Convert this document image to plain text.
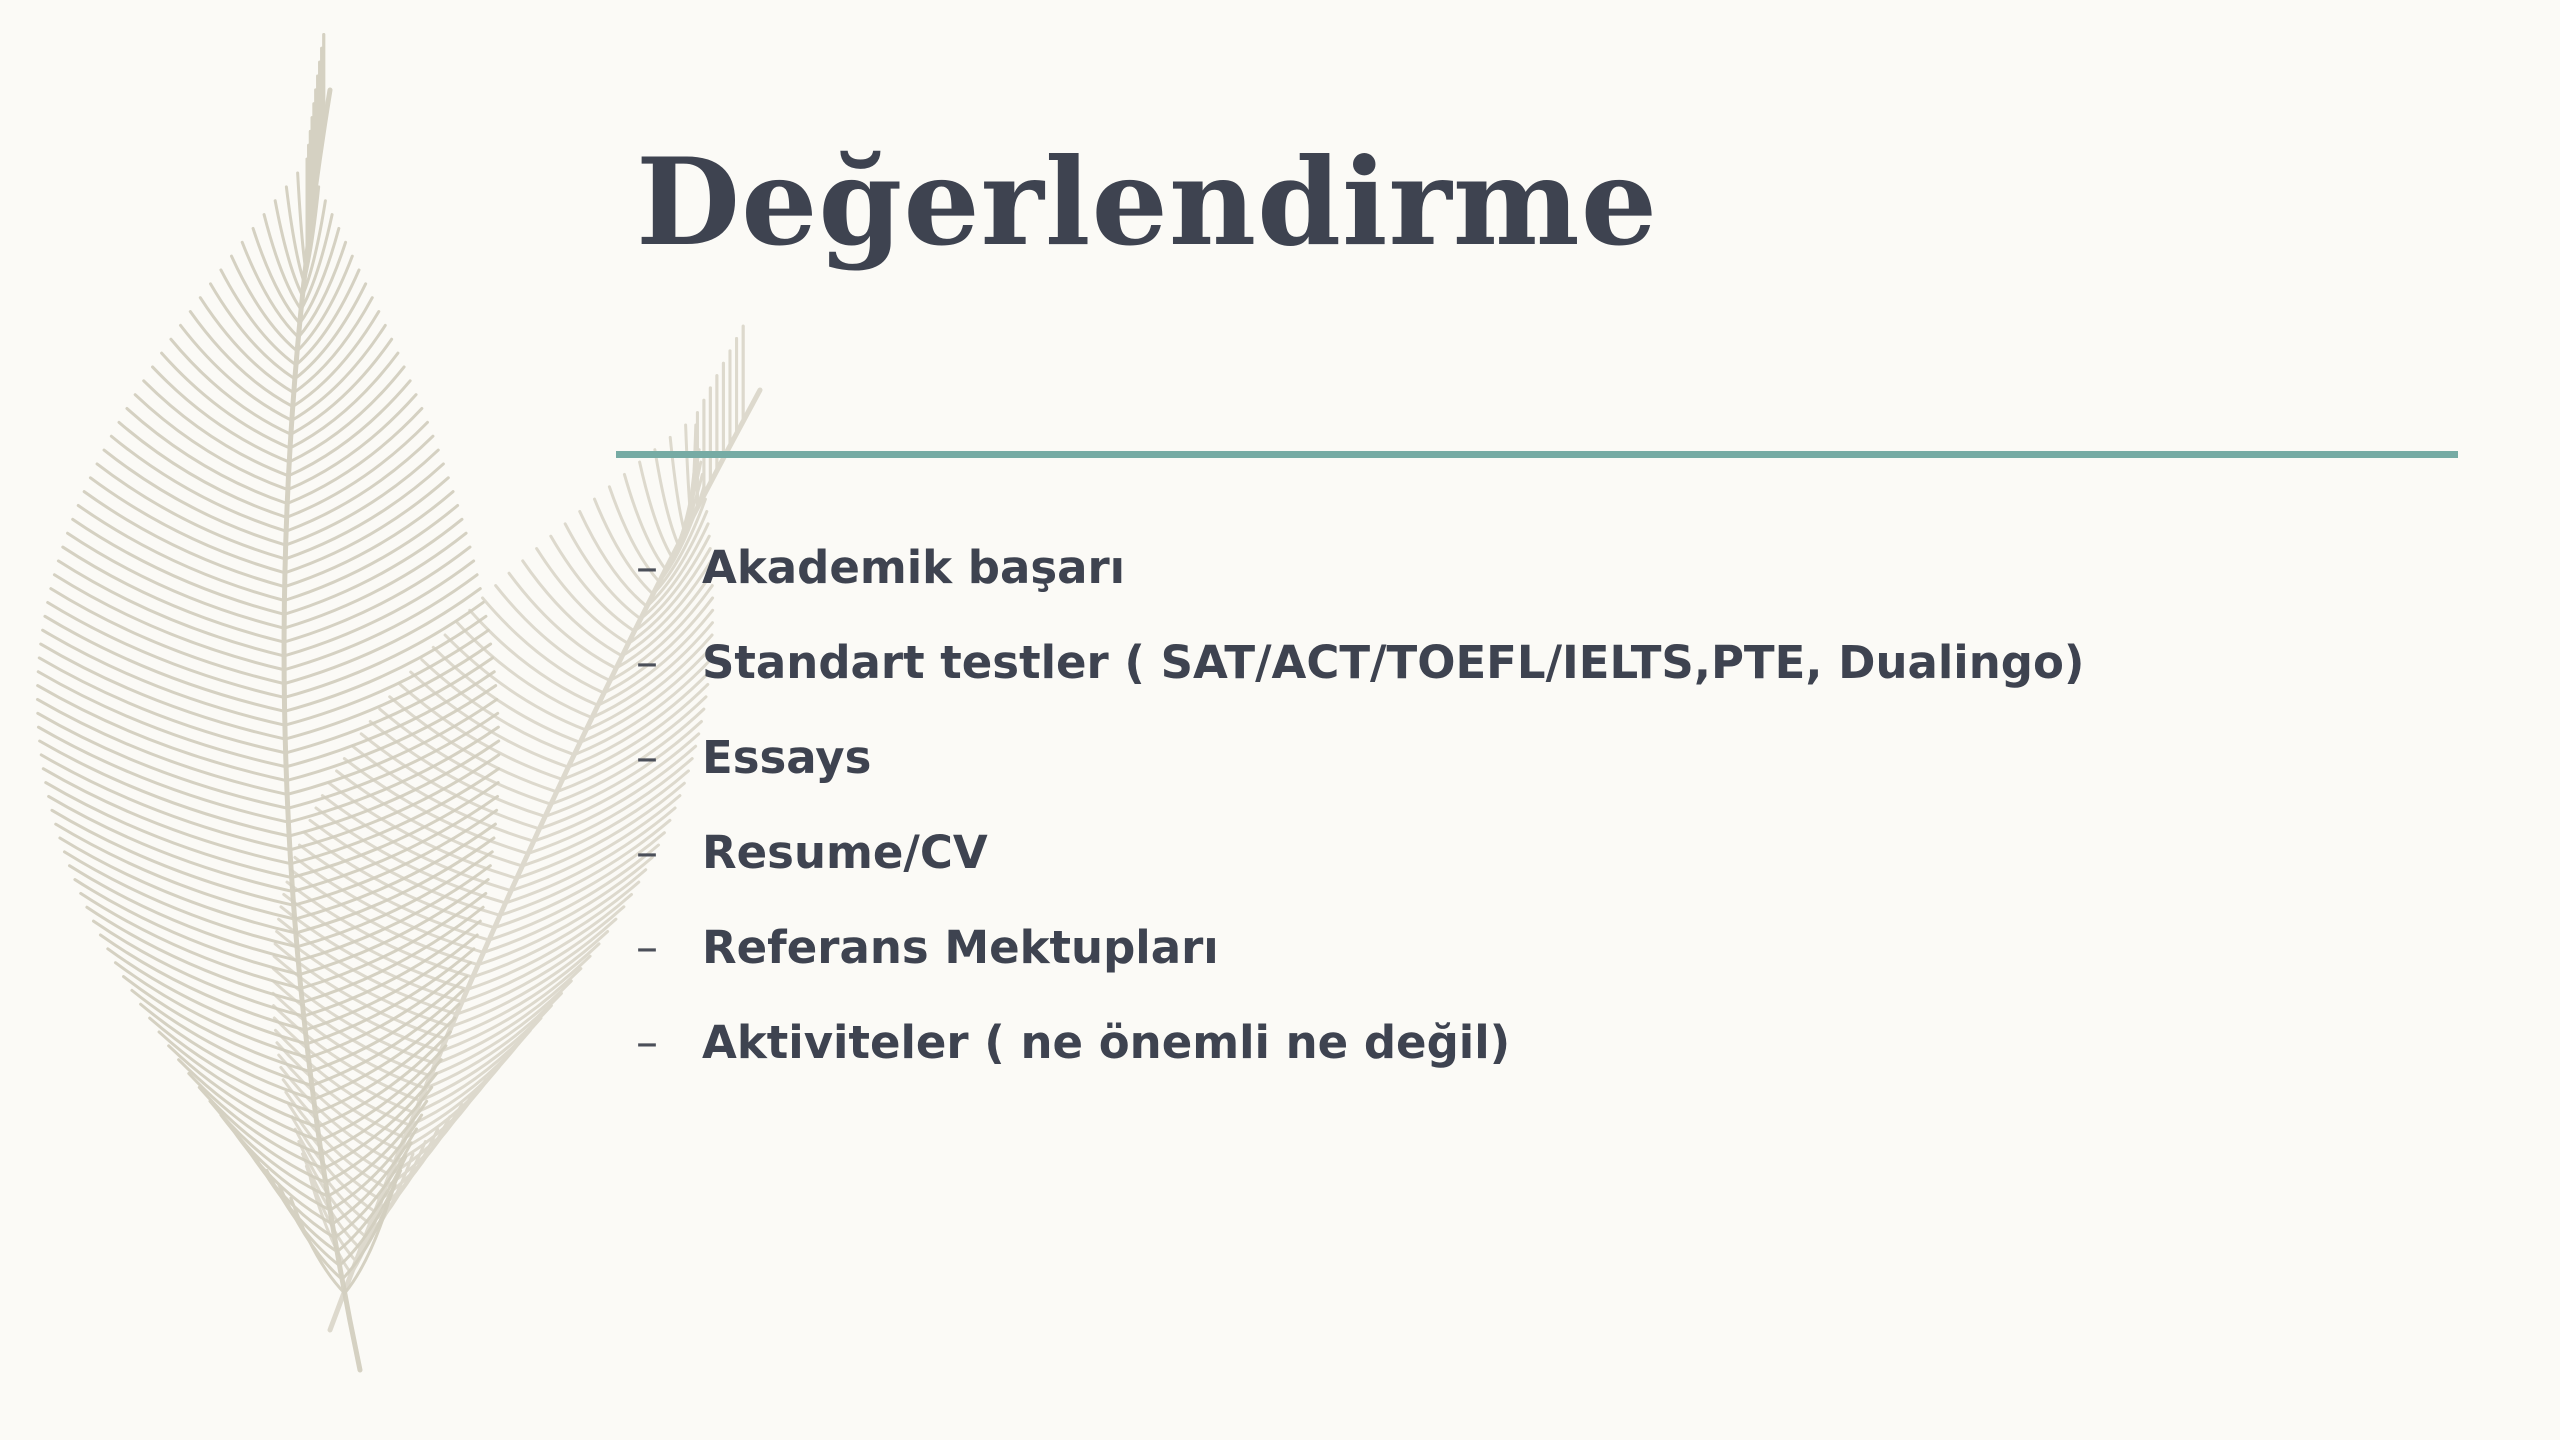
Değerlendirme
– Akademik başarı
– Standart testler ( SAT/ACT/TOEFL/IELTS,PTE, Dualingo)
– Essays
– Resume/CV
– Referans Mektupları
– Aktiviteler ( ne önemli ne değil)
